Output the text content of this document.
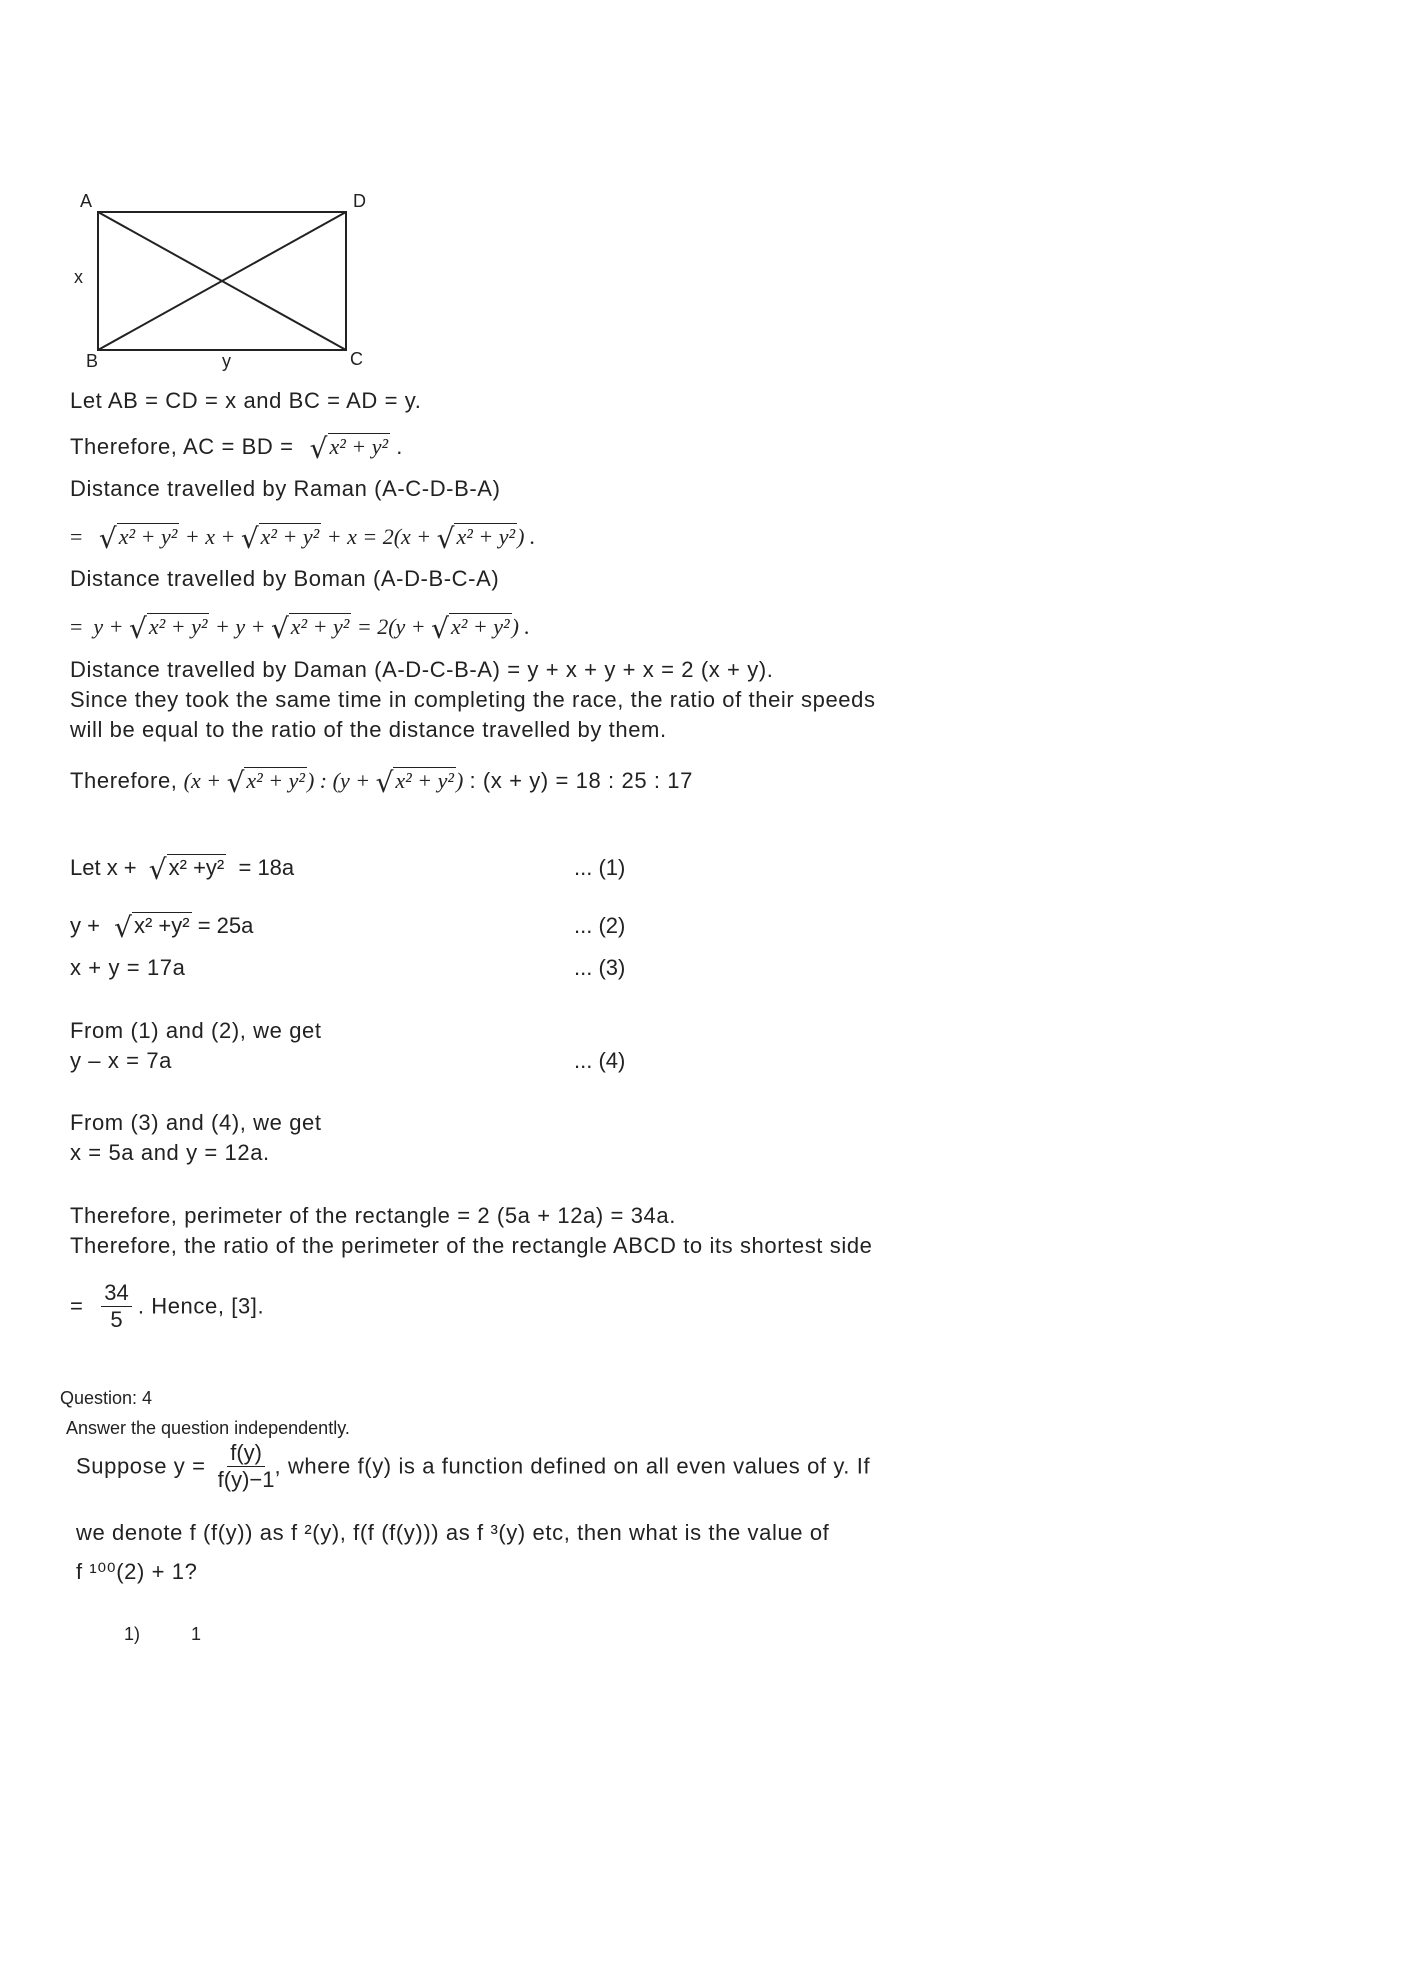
A	D
x
B	y	C
Let AB = CD = x and BC = AD = y.
Therefore, AC = BD = √x² + y² .
Distance travelled by Raman (A-C-D-B-A)
=   √x² + y² + x + √x² + y² + x = 2(x + √x² + y²) .
Distance travelled by Boman (A-D-B-C-A)
=  y + √x² + y² + y + √x² + y² = 2(y + √x² + y²) .
Distance travelled by Daman (A-D-C-B-A) = y + x + y + x = 2 (x + y).
Since they took the same time in completing the race, the ratio of their speeds
will be equal to the ratio of the distance travelled by them.
Therefore, (x + √x² + y²) : (y + √x² + y²) : (x + y) = 18 : 25 : 17
Let x + √x² +y² = 18a	... (1)
y + √x² +y² = 25a	... (2)
x + y = 17a	... (3)
From (1) and (2), we get
y – x = 7a	... (4)
From (3) and (4), we get
x = 5a and y = 12a.
Therefore, perimeter of the rectangle = 2 (5a + 12a) = 34a.
Therefore, the ratio of the perimeter of the rectangle ABCD to its shortest side
= $\frac{34}{5}$ . Hence, [3].
Question: 4
Answer the question independently.
Suppose $y = \frac{f(y)}{f(y)-1}$ , where f(y) is a function defined on all even values of y. If
we denote f (f(y)) as f ²(y), f(f (f(y))) as f ³(y) etc, then what is the value of
f ¹⁰⁰(2) + 1?
1)	1
